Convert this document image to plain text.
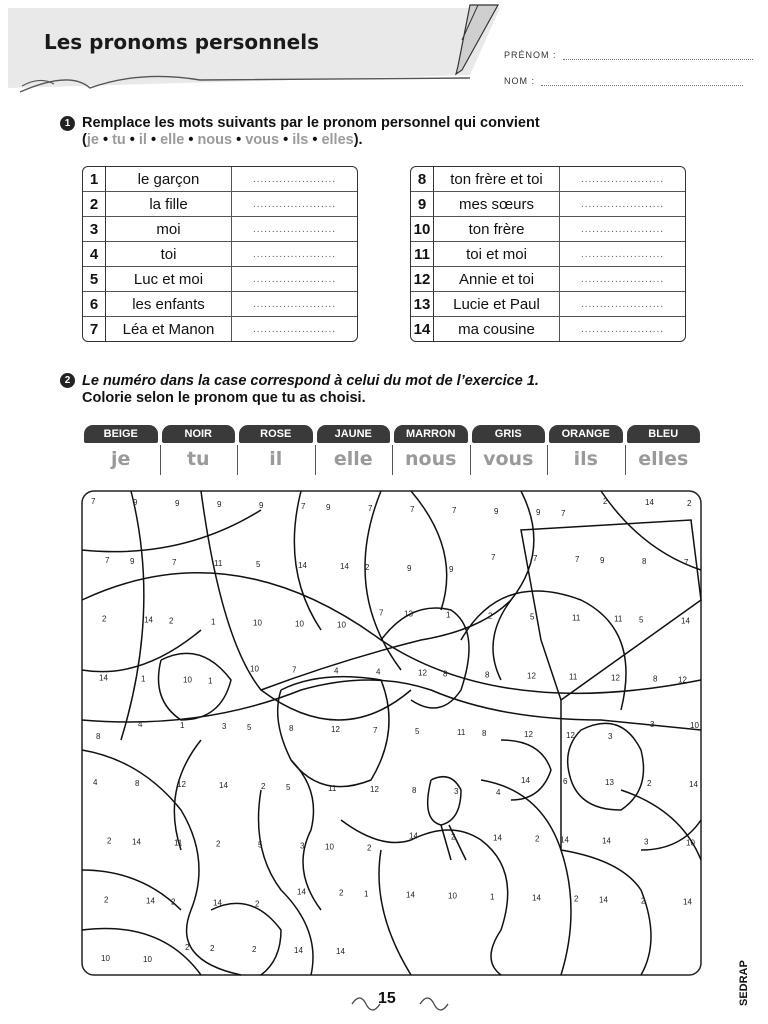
Les pronoms personnels
PRÉNOM :
NOM :
1 Remplace les mots suivants par le pronom personnel qui convient
(je • tu • il • elle • nous • vous • ils • elles).
1	le garçon	......................
2	la fille	......................
3	moi	......................
4	toi	......................
5	Luc et moi	......................
6	les enfants	......................
7	Léa et Manon	......................
8	ton frère et toi	......................
9	mes sœurs	......................
10	ton frère	......................
11	toi et moi	......................
12	Annie et toi	......................
13	Lucie et Paul	......................
14	ma cousine	......................
2 Le numéro dans la case correspond à celui du mot de l’exercice 1.
Colorie selon le pronom que tu as choisi.
BEIGE
je
NOIR
tu
ROSE
il
JAUNE
elle
MARRON
nous
GRIS
vous
ORANGE
ils
BLEU
elles
7	9	9	9	9	7	9	7	7	7	9	9	7
2	14	2
7	9	7	11	5	14	14 2	9	9
7	7	7	9	8	7
2	14 2	1	10	10	10
7	13	1	2	5	11	11 5	14
14	1	10 1
10	7	4	4	12 8	8	12	11	12	8	12
8
4	1	3	5	8	12	7	5	11 8	12	12	3
3	10
4	8	12	14	2	5	11	12	8	3	4
14	6	13	2	14
2	14	11	2	5	3	10	2
14	2	14	2	14	14	3	10
2	14 2	14	2
14	2	1	14	10	1	14	2	14	2	14
10	10
2	2	2	14	14
15	SEDRAP
